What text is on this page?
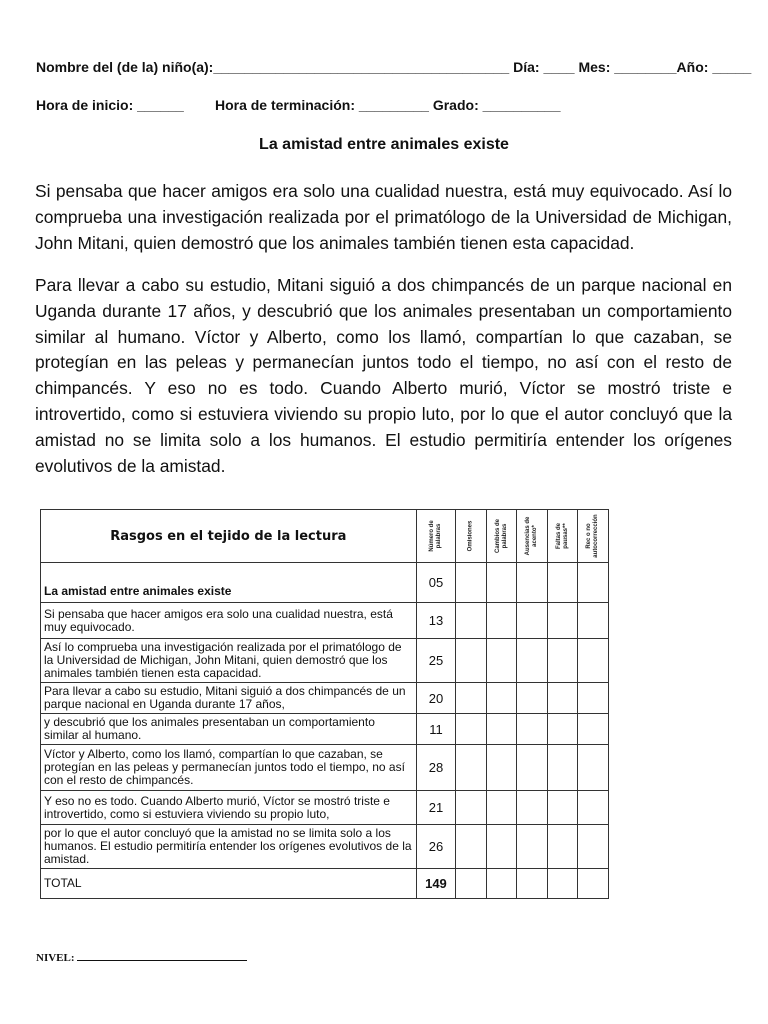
Nombre del (de la) niño(a):______________________________________ Día: ____ Mes: ________Año: _____
Hora de inicio: ______        Hora de terminación: _________ Grado: __________
La amistad entre animales existe

Si pensaba que hacer amigos era solo una cualidad nuestra, está muy equivocado. Así lo comprueba una investigación realizada por el primatólogo de la Universidad de Michigan, John Mitani, quien demostró que los animales también tienen esta capacidad.

Para llevar a cabo su estudio, Mitani siguió a dos chimpancés de un parque nacional en Uganda durante 17 años, y descubrió que los animales presentaban un comportamiento similar al humano. Víctor y Alberto, como los llamó, compartían lo que cazaban, se protegían en las peleas y permanecían juntos todo el tiempo, no así con el resto de chimpancés. Y eso no es todo. Cuando Alberto murió, Víctor se mostró triste e introvertido, como si estuviera viviendo su propio luto, por lo que el autor concluyó que la amistad no se limita solo a los humanos. El estudio permitiría entender los orígenes evolutivos de la amistad.

Rasgos en el tejido de la lectura	Número de palabras	Omisiones	Cambios de palabras	Ausencias de acento*	Faltas de pausas**	Rec o no autocorrección

La amistad entre animales existe	05					
Si pensaba que hacer amigos era solo una cualidad nuestra, está muy equivocado.	13					
Así lo comprueba una investigación realizada por el primatólogo de la Universidad de Michigan, John Mitani, quien demostró que los animales también tienen esta capacidad.	25					
Para llevar a cabo su estudio, Mitani siguió a dos chimpancés de un parque nacional en Uganda durante 17 años,	20					
y descubrió que los animales presentaban un comportamiento similar al humano.	11					
Víctor y Alberto, como los llamó, compartían lo que cazaban, se protegían en las peleas y permanecían juntos todo el tiempo, no así con el resto de chimpancés.	28					
Y eso no es todo. Cuando Alberto murió, Víctor se mostró triste e introvertido, como si estuviera viviendo su propio luto,	21					
por lo que el autor concluyó que la amistad no se limita solo a los humanos. El estudio permitiría entender los orígenes evolutivos de la amistad.	26					
TOTAL	149					
NIVEL:
